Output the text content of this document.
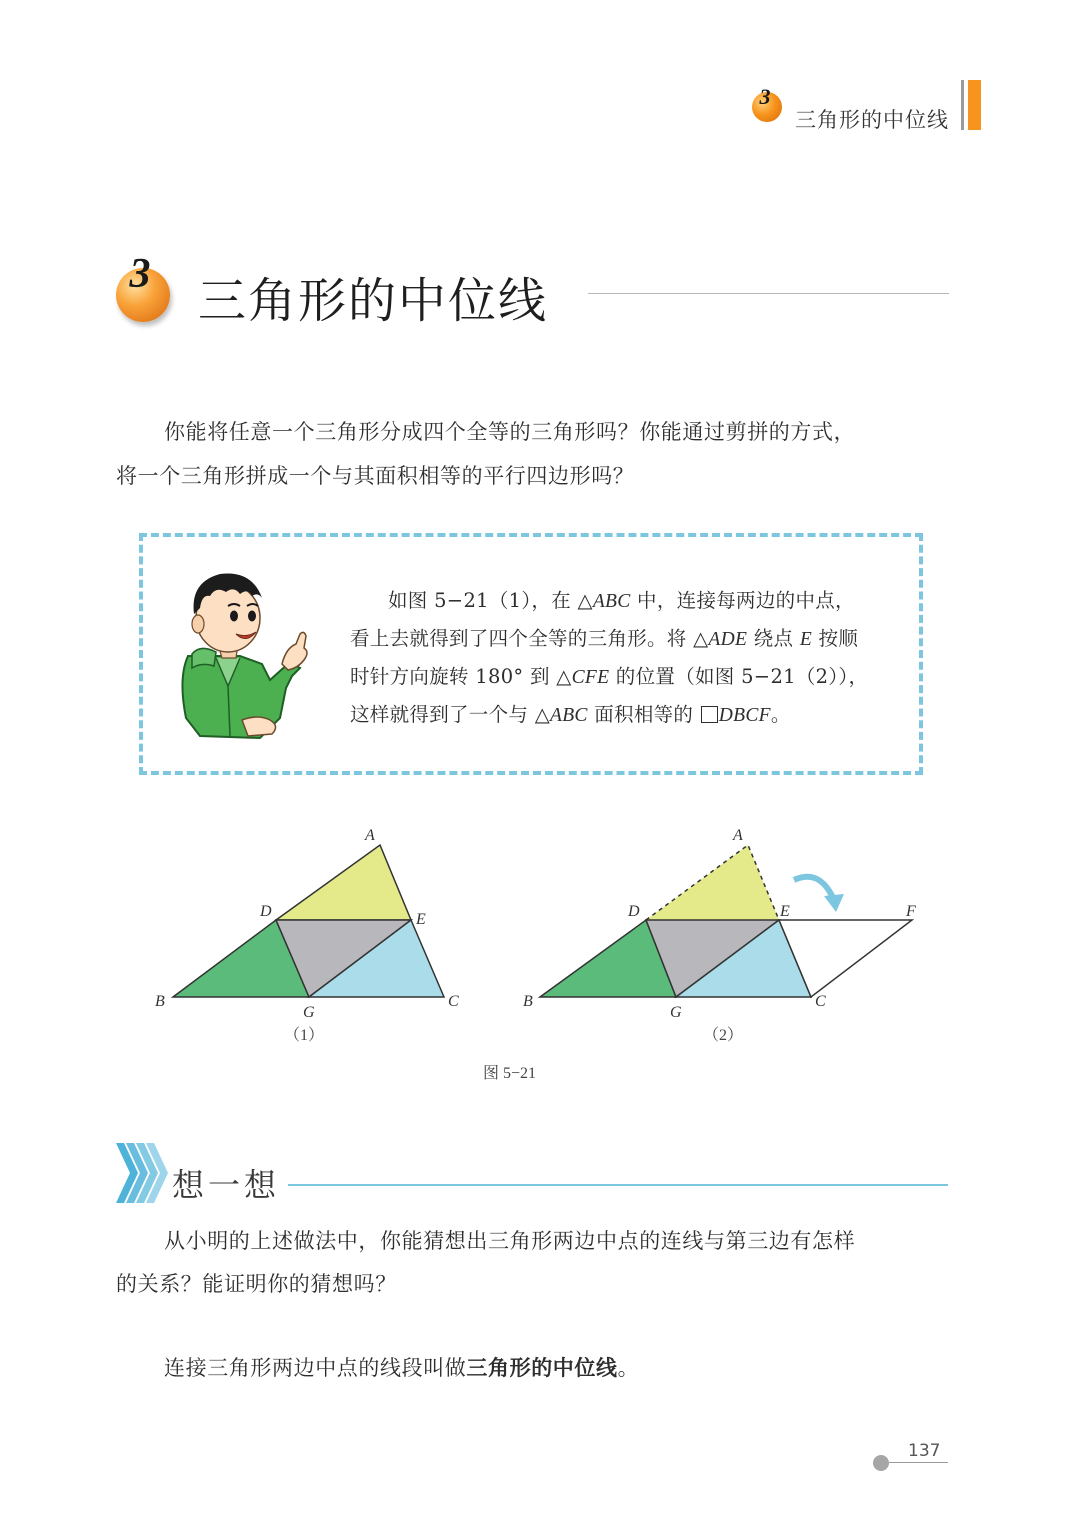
3
三角形的中位线
3 三角形的中位线
你能将任意一个三角形分成四个全等的三角形吗？你能通过剪拼的方式，
将一个三角形拼成一个与其面积相等的平行四边形吗？
如图 5−21（1），在 △ABC 中，连接每两边的中点，
看上去就得到了四个全等的三角形。将 △ADE 绕点 E 按顺
时针方向旋转 180° 到 △CFE 的位置（如图 5−21（2）），
这样就得到了一个与 △ABC 面积相等的 DBCF。
A
D	E
B	C
G
（1）
A
D	E	F
B	C
G
（2）
图 5−21
想一想
从小明的上述做法中，你能猜想出三角形两边中点的连线与第三边有怎样
的关系？能证明你的猜想吗？
连接三角形两边中点的线段叫做三角形的中位线。
137
